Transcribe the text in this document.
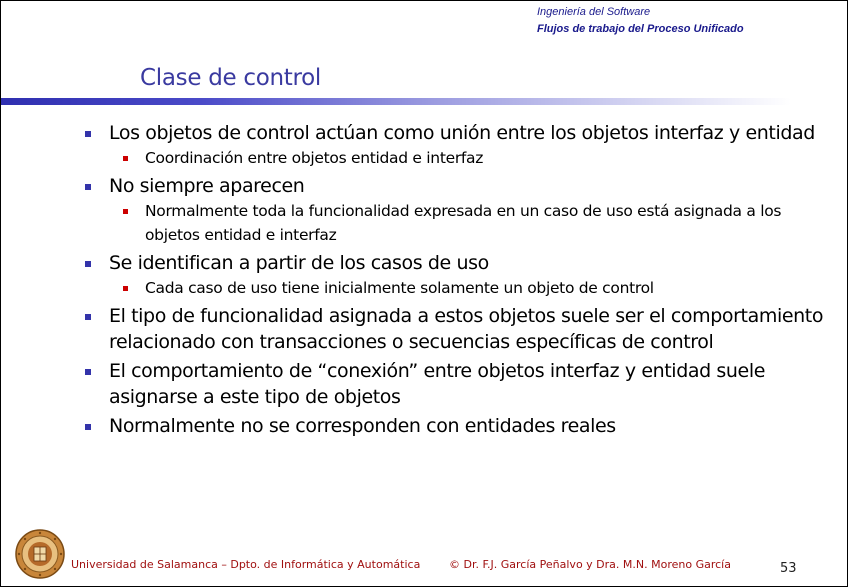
Ingeniería del Software
Flujos de trabajo del Proceso Unificado
Clase de control
Los objetos de control actúan como unión entre los objetos interfaz y entidad
Coordinación entre objetos entidad e interfaz
No siempre aparecen
Normalmente toda la funcionalidad expresada en un caso de uso está asignada a los objetos entidad e interfaz
Se identifican a partir de los casos de uso
Cada caso de uso tiene inicialmente solamente un objeto de control
El tipo de funcionalidad asignada a estos objetos suele ser el comportamiento relacionado con transacciones o secuencias específicas de control
El comportamiento de “conexión” entre objetos interfaz y entidad suele asignarse a este tipo de objetos
Normalmente no se corresponden con entidades reales
Universidad de Salamanca – Dpto. de Informática y Automática	© Dr. F.J. García Peñalvo y Dra. M.N. Moreno García	53
